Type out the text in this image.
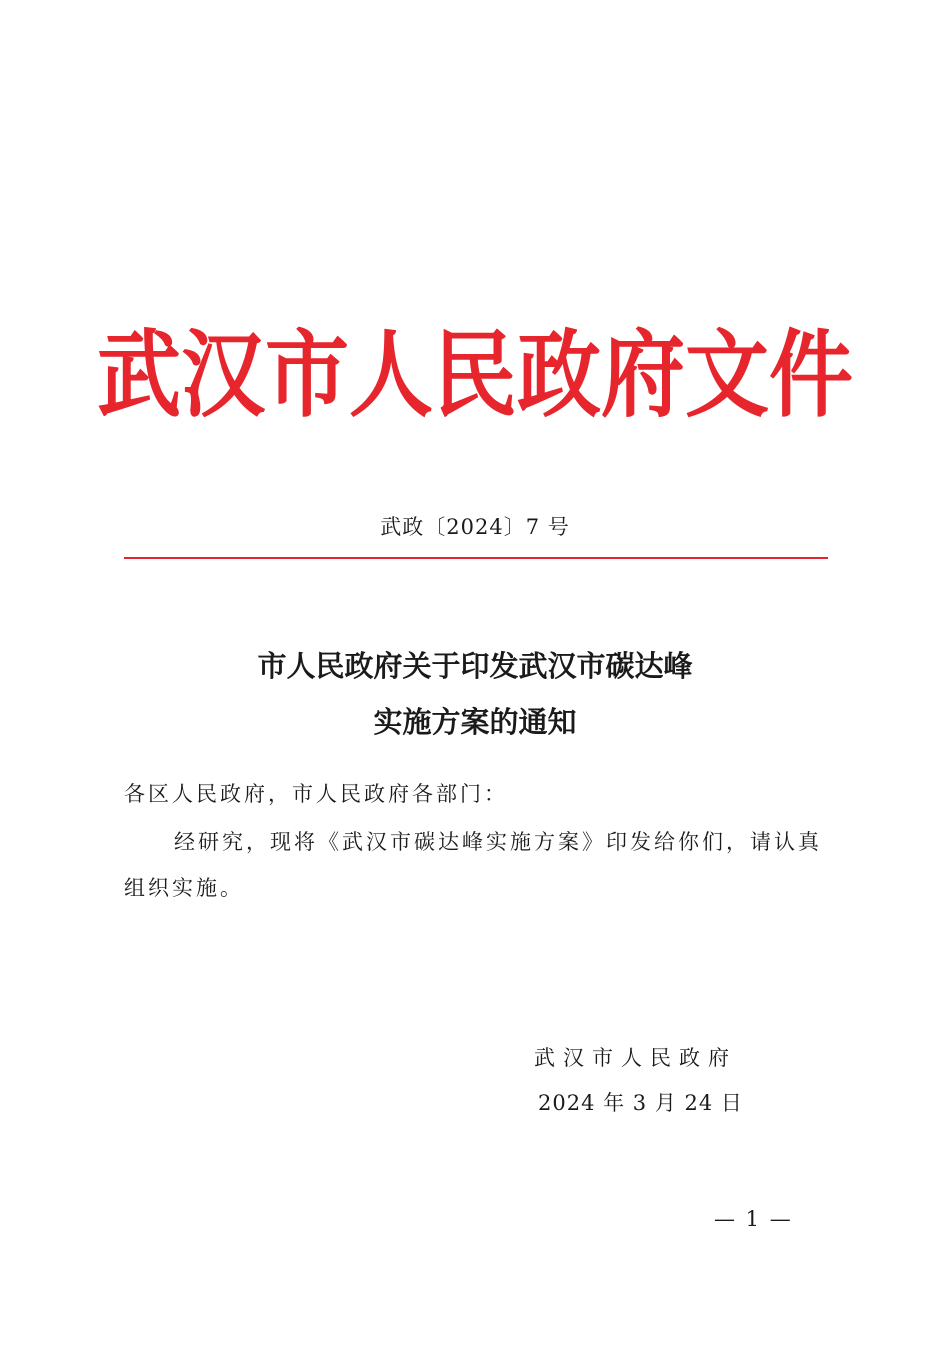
武汉市人民政府文件
武政〔2024〕7 号
市人民政府关于印发武汉市碳达峰
实施方案的通知
各区人民政府，市人民政府各部门：
经研究，现将《武汉市碳达峰实施方案》印发给你们，请认真
组织实施。
武汉市人民政府
2024 年 3 月 24 日
— 1 —
